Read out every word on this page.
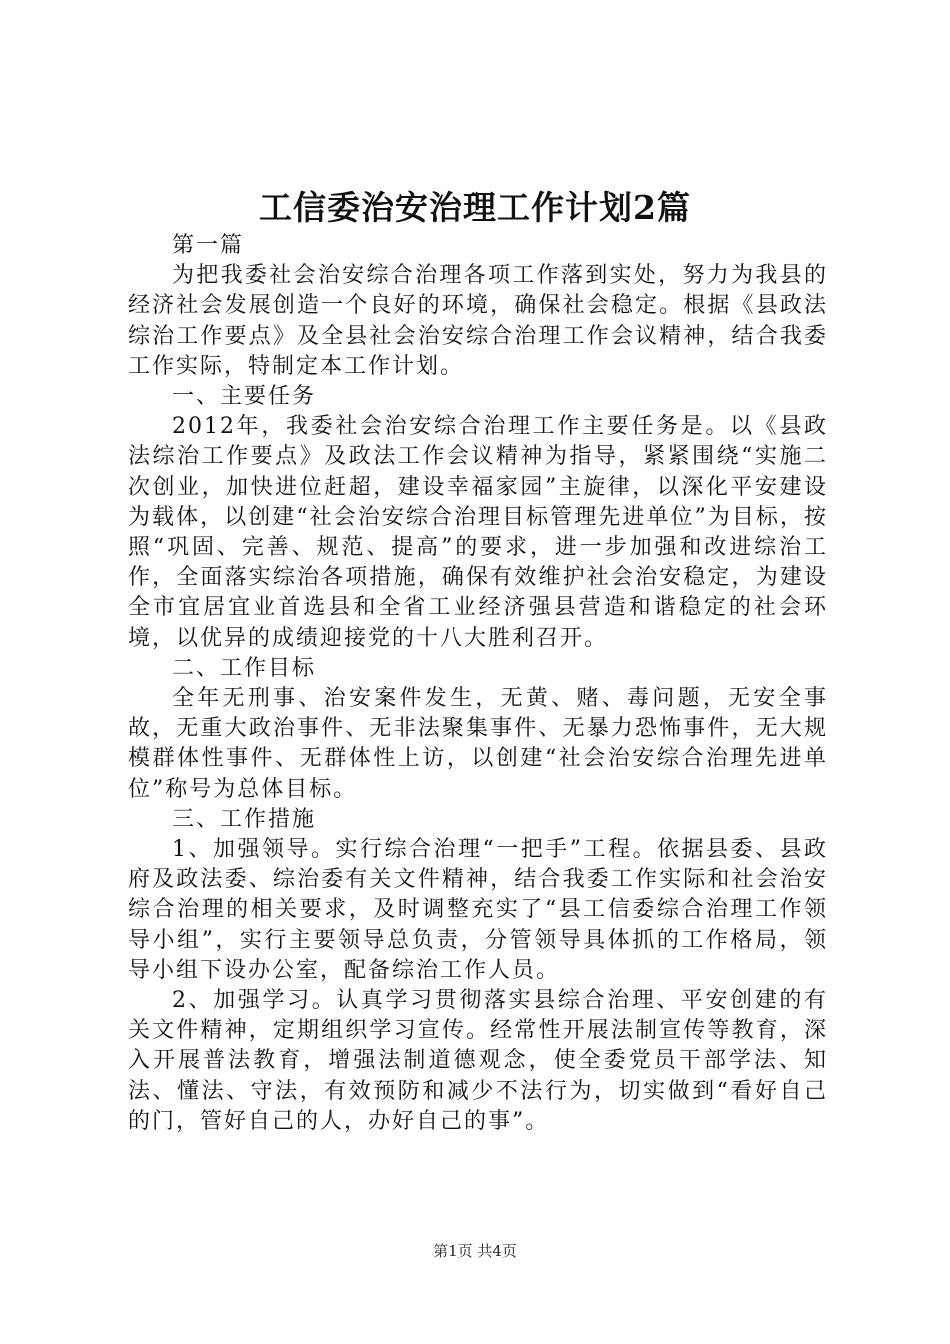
工信委治安治理工作计划2篇

第一篇

为把我委社会治安综合治理各项工作落到实处，努力为我县的经济社会发展创造一个良好的环境，确保社会稳定。根据《县政法综治工作要点》及全县社会治安综合治理工作会议精神，结合我委工作实际，特制定本工作计划。

一、主要任务

2012年，我委社会治安综合治理工作主要任务是。以《县政法综治工作要点》及政法工作会议精神为指导，紧紧围绕“实施二次创业，加快进位赶超，建设幸福家园”主旋律，以深化平安建设为载体，以创建“社会治安综合治理目标管理先进单位”为目标，按照“巩固、完善、规范、提高”的要求，进一步加强和改进综治工作，全面落实综治各项措施，确保有效维护社会治安稳定，为建设全市宜居宜业首选县和全省工业经济强县营造和谐稳定的社会环境，以优异的成绩迎接党的十八大胜利召开。

二、工作目标

全年无刑事、治安案件发生，无黄、赌、毒问题，无安全事故，无重大政治事件、无非法聚集事件、无暴力恐怖事件，无大规模群体性事件、无群体性上访，以创建“社会治安综合治理先进单位”称号为总体目标。

三、工作措施

1、加强领导。实行综合治理“一把手”工程。依据县委、县政府及政法委、综治委有关文件精神，结合我委工作实际和社会治安综合治理的相关要求，及时调整充实了“县工信委综合治理工作领导小组”，实行主要领导总负责，分管领导具体抓的工作格局，领导小组下设办公室，配备综治工作人员。

2、加强学习。认真学习贯彻落实县综合治理、平安创建的有关文件精神，定期组织学习宣传。经常性开展法制宣传等教育，深入开展普法教育，增强法制道德观念，使全委党员干部学法、知法、懂法、守法，有效预防和减少不法行为，切实做到“看好自己的门，管好自己的人，办好自己的事”。

第1页 共4页
